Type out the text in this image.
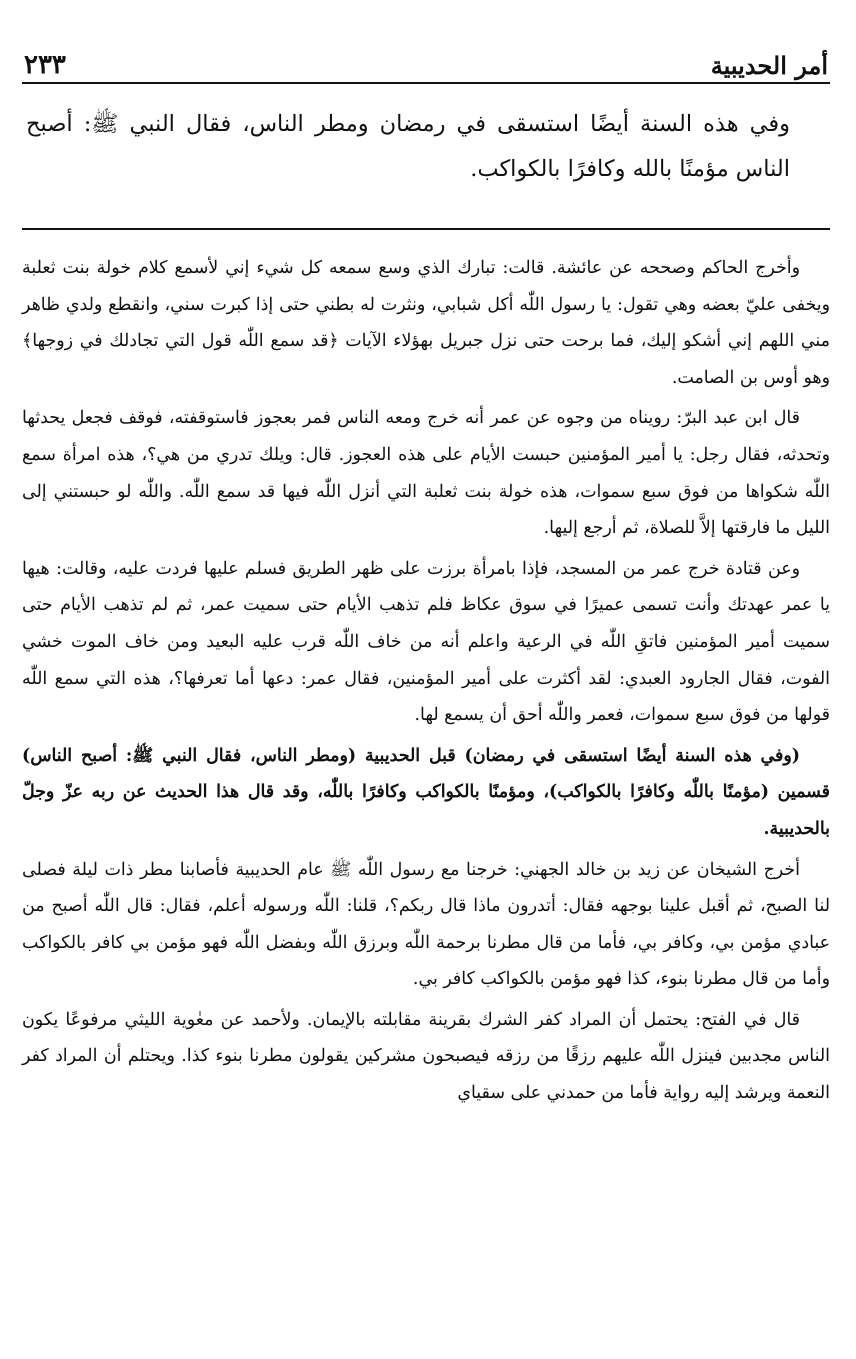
أمر الحديبية
٢٣٣

وفي هذه السنة أيضًا استسقى في رمضان ومطر الناس، فقال النبي ﷺ: أصبح الناس مؤمنًا بالله وكافرًا بالكواكب.

وأخرج الحاكم وصححه عن عائشة. قالت: تبارك الذي وسع سمعه كل شيء إني لأسمع كلام خولة بنت ثعلبة ويخفى عليّ بعضه وهي تقول: يا رسول اللّٰه أكل شبابي، ونثرت له بطني حتى إذا كبرت سني، وانقطع ولدي ظاهر مني اللهم إني أشكو إليك، فما برحت حتى نزل جبريل بهؤلاء الآيات ﴿قد سمع اللّٰه قول التي تجادلك في زوجها﴾ وهو أوس بن الصامت.

قال ابن عبد البرّ: رويناه من وجوه عن عمر أنه خرج ومعه الناس فمر بعجوز فاستوقفته، فوقف فجعل يحدثها وتحدثه، فقال رجل: يا أمير المؤمنين حبست الأيام على هذه العجوز. قال: ويلك تدري من هي؟، هذه امرأة سمع اللّٰه شكواها من فوق سبع سموات، هذه خولة بنت ثعلبة التي أنزل اللّٰه فيها قد سمع اللّٰه. واللّٰه لو حبستني إلى الليل ما فارقتها إلاَّ للصلاة، ثم أرجع إليها.

وعن قتادة خرج عمر من المسجد، فإذا بامرأة برزت على ظهر الطريق فسلم عليها فردت عليه، وقالت: هيها يا عمر عهدتك وأنت تسمى عميرًا في سوق عكاظ فلم تذهب الأيام حتى سميت عمر، ثم لم تذهب الأيام حتى سميت أمير المؤمنين فاتقِ اللّٰه في الرعية واعلم أنه من خاف اللّٰه قرب عليه البعيد ومن خاف الموت خشي الفوت، فقال الجارود العبدي: لقد أكثرت على أمير المؤمنين، فقال عمر: دعها أما تعرفها؟، هذه التي سمع اللّٰه قولها من فوق سبع سموات، فعمر واللّٰه أحق أن يسمع لها.

(وفي هذه السنة أيضًا استسقى في رمضان) قبل الحديبية (ومطر الناس، فقال النبي ﷺ: أصبح الناس) قسمين (مؤمنًا باللّٰه وكافرًا بالكواكب)، ومؤمنًا بالكواكب وكافرًا باللّٰه، وقد قال هذا الحديث عن ربه عزّ وجلّ بالحديبية.

أخرج الشيخان عن زيد بن خالد الجهني: خرجنا مع رسول اللّٰه ﷺ عام الحديبية فأصابنا مطر ذات ليلة فصلى لنا الصبح، ثم أقبل علينا بوجهه فقال: أتدرون ماذا قال ربكم؟، قلنا: اللّٰه ورسوله أعلم، فقال: قال اللّٰه أصبح من عبادي مؤمن بي، وكافر بي، فأما من قال مطرنا برحمة اللّٰه وبرزق اللّٰه وبفضل اللّٰه فهو مؤمن بي كافر بالكواكب وأما من قال مطرنا بنوء، كذا فهو مؤمن بالكواكب كافر بي.

قال في الفتح: يحتمل أن المراد كفر الشرك بقرينة مقابلته بالإيمان. ولأحمد عن معٰوية الليثي مرفوعًا يكون الناس مجدبين فينزل اللّٰه عليهم رزقًا من رزقه فيصبحون مشركين يقولون مطرنا بنوء كذا. ويحتلم أن المراد كفر النعمة ويرشد إليه رواية فأما من حمدني على سقياي
